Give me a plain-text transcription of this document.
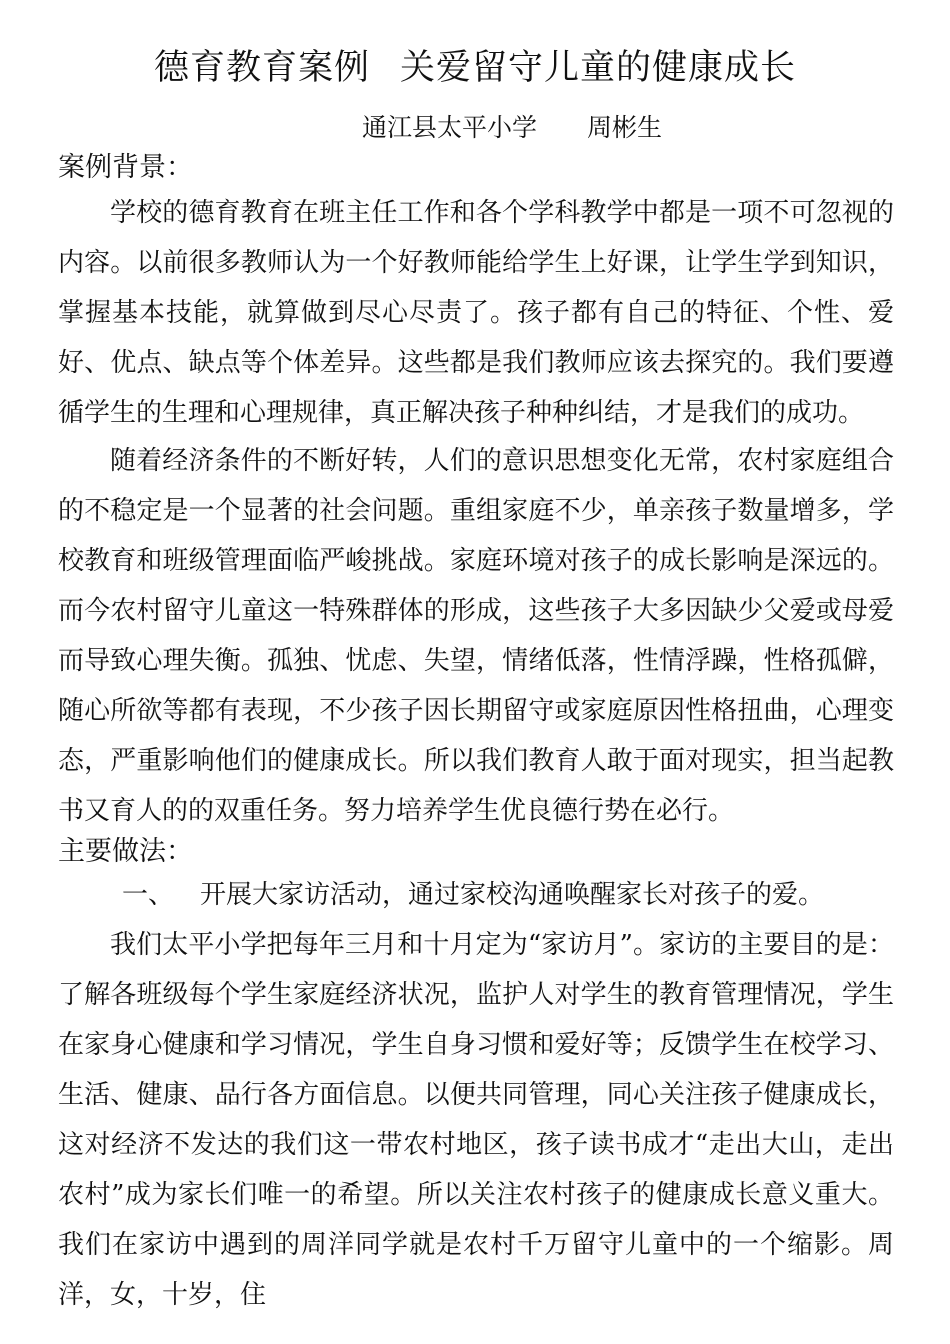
德育教育案例 关爱留守儿童的健康成长
通江县太平小学 周彬生
案例背景：

学校的德育教育在班主任工作和各个学科教学中都是一项不可忽视的内容。以前很多教师认为一个好教师能给学生上好课，让学生学到知识，掌握基本技能，就算做到尽心尽责了。孩子都有自己的特征、个性、爱好、优点、缺点等个体差异。这些都是我们教师应该去探究的。我们要遵循学生的生理和心理规律，真正解决孩子种种纠结，才是我们的成功。

随着经济条件的不断好转，人们的意识思想变化无常，农村家庭组合的不稳定是一个显著的社会问题。重组家庭不少，单亲孩子数量增多，学校教育和班级管理面临严峻挑战。家庭环境对孩子的成长影响是深远的。而今农村留守儿童这一特殊群体的形成，这些孩子大多因缺少父爱或母爱而导致心理失衡。孤独、忧虑、失望，情绪低落，性情浮躁，性格孤僻，随心所欲等都有表现，不少孩子因长期留守或家庭原因性格扭曲，心理变态，严重影响他们的健康成长。所以我们教育人敢于面对现实，担当起教书又育人的的双重任务。努力培养学生优良德行势在必行。

主要做法：
一、 开展大家访活动，通过家校沟通唤醒家长对孩子的爱。

我们太平小学把每年三月和十月定为“家访月”。家访的主要目的是：了解各班级每个学生家庭经济状况，监护人对学生的教育管理情况，学生在家身心健康和学习情况，学生自身习惯和爱好等；反馈学生在校学习、生活、健康、品行各方面信息。以便共同管理，同心关注孩子健康成长，这对经济不发达的我们这一带农村地区，孩子读书成才“走出大山，走出农村”成为家长们唯一的希望。所以关注农村孩子的健康成长意义重大。我们在家访中遇到的周洋同学就是农村千万留守儿童中的一个缩影。周洋，女，十岁，住
